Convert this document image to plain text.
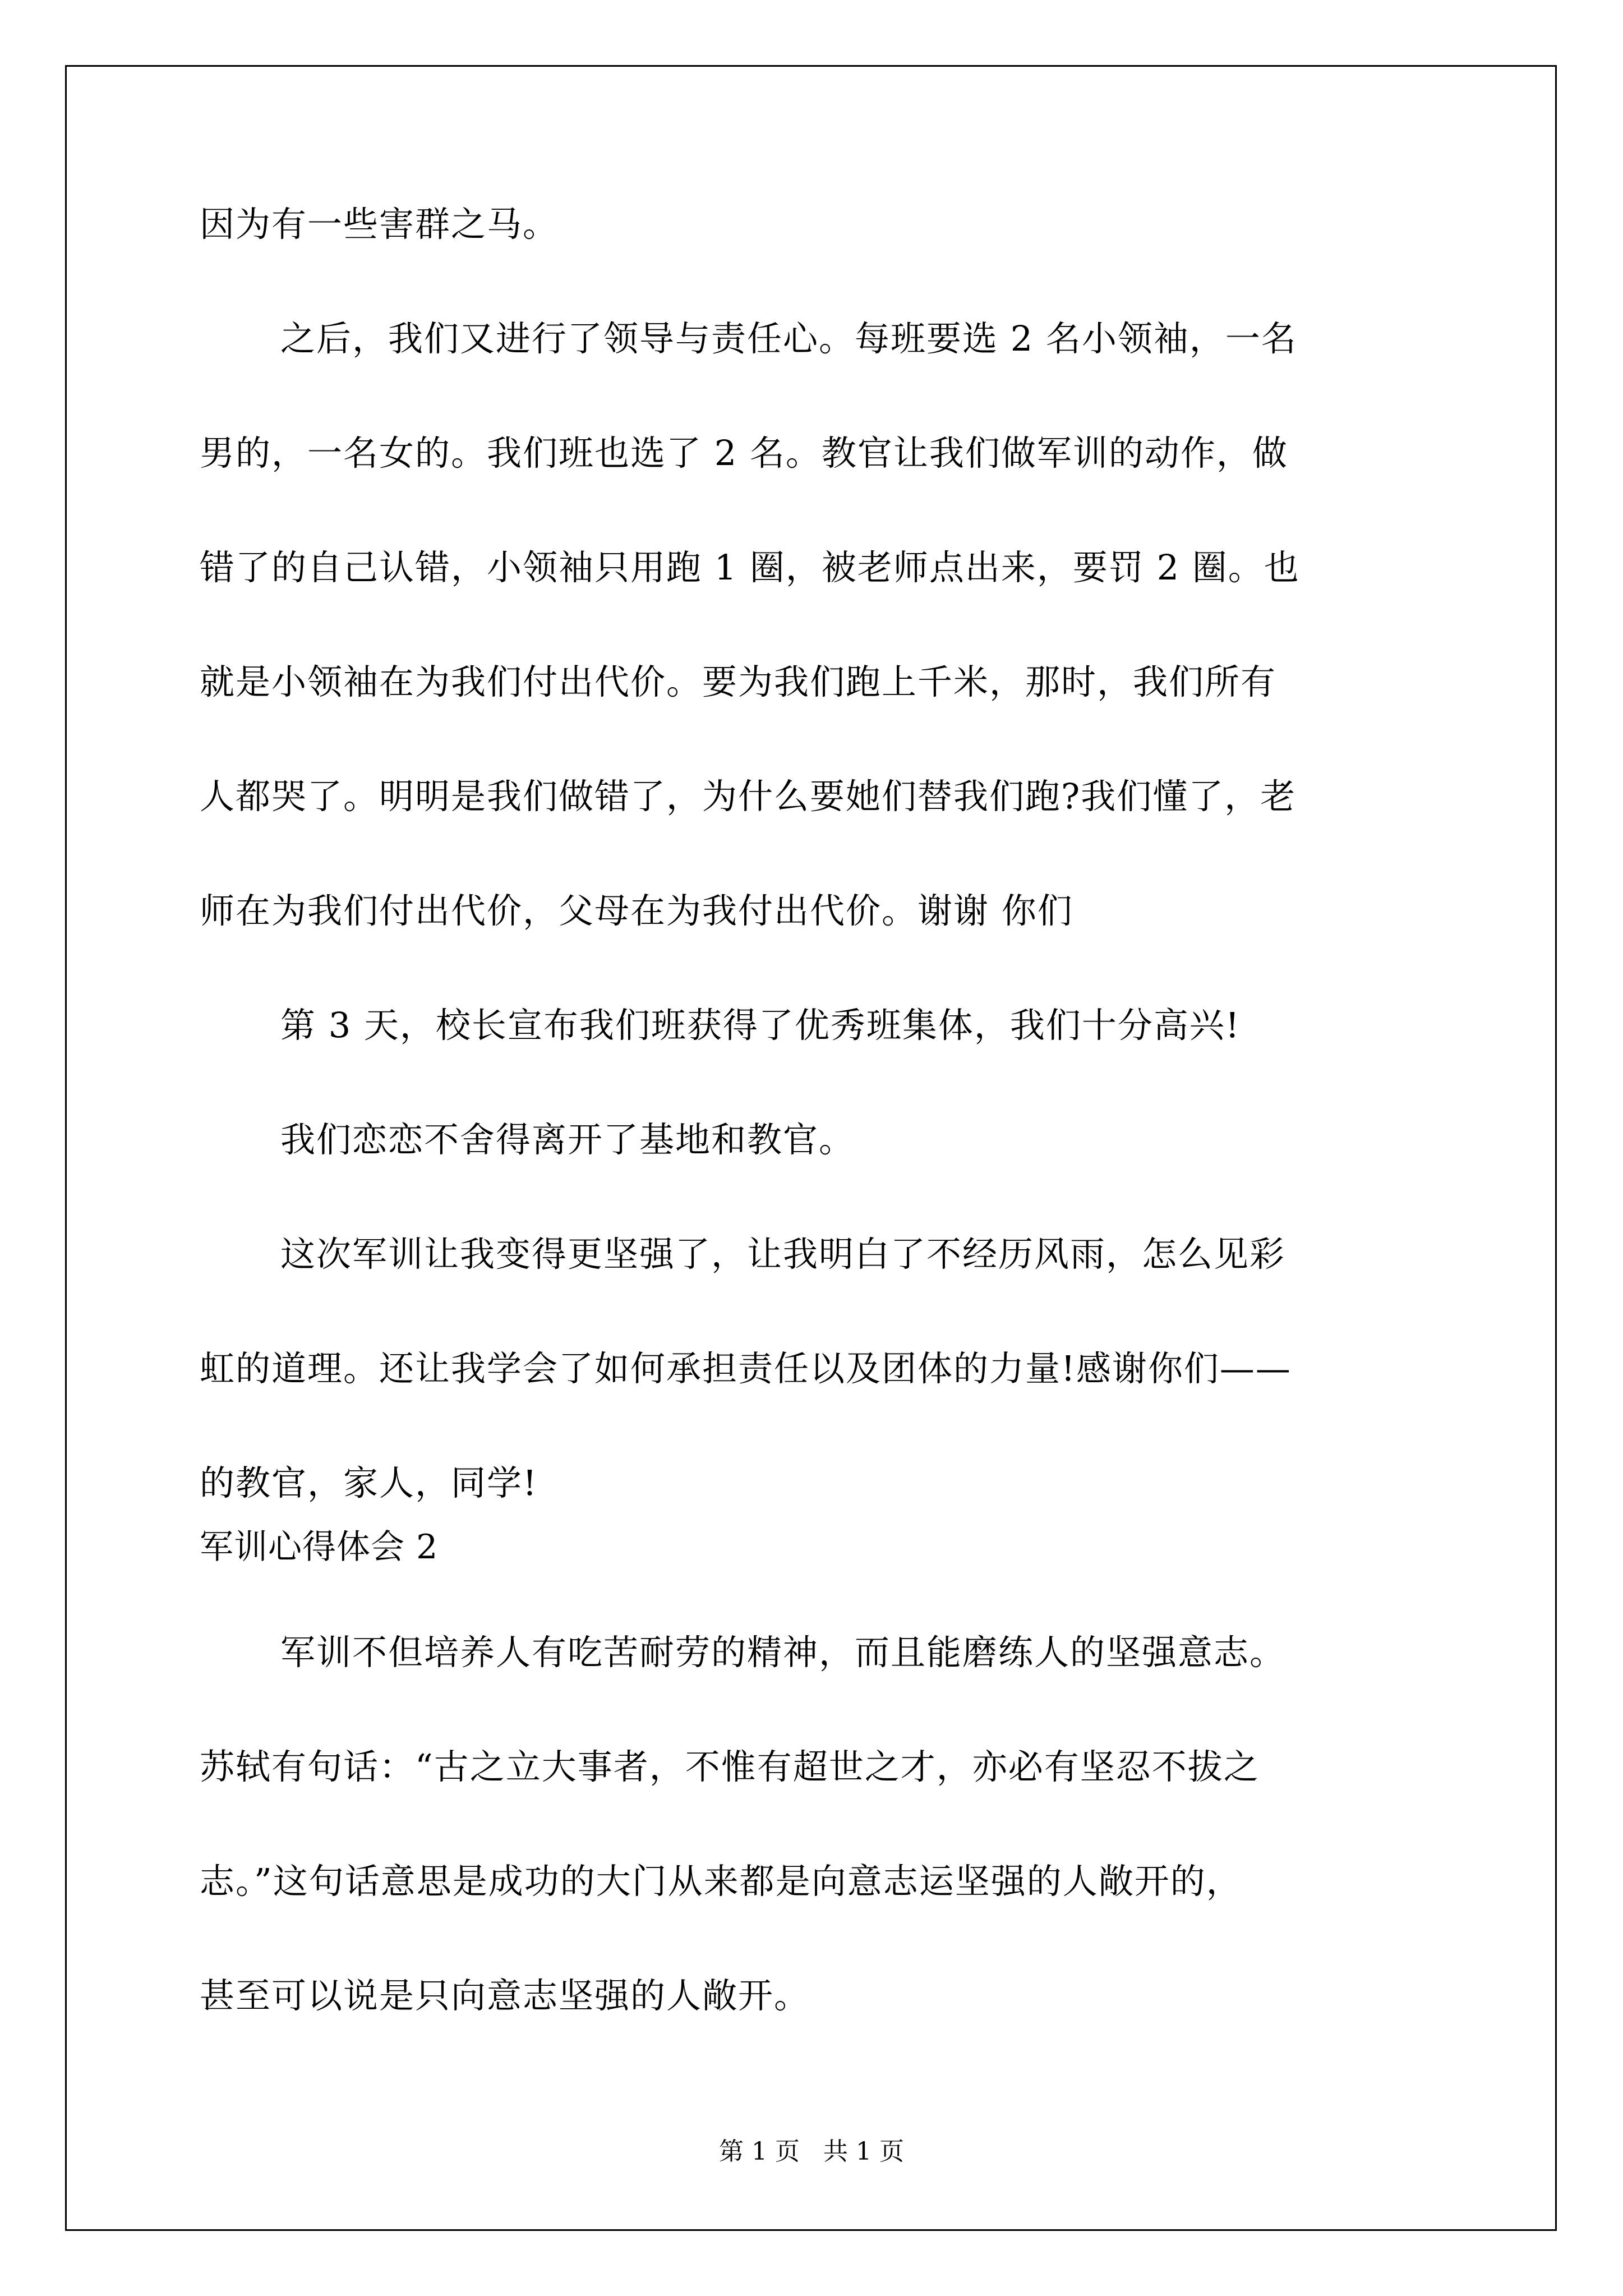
因为有一些害群之马。
之后，我们又进行了领导与责任心。每班要选 2 名小领袖，一名
男的，一名女的。我们班也选了 2 名。教官让我们做军训的动作，做
错了的自己认错，小领袖只用跑 1 圈，被老师点出来，要罚 2 圈。也
就是小领袖在为我们付出代价。要为我们跑上千米，那时，我们所有
人都哭了。明明是我们做错了，为什么要她们替我们跑?我们懂了，老
师在为我们付出代价，父母在为我付出代价。谢谢 你们
第 3 天，校长宣布我们班获得了优秀班集体，我们十分高兴!
我们恋恋不舍得离开了基地和教官。
这次军训让我变得更坚强了，让我明白了不经历风雨，怎么见彩
虹的道理。还让我学会了如何承担责任以及团体的力量!感谢你们——
的教官，家人，同学!
军训心得体会 2
军训不但培养人有吃苦耐劳的精神，而且能磨练人的坚强意志。
苏轼有句话：“古之立大事者，不惟有超世之才，亦必有坚忍不拔之
志。”这句话意思是成功的大门从来都是向意志运坚强的人敞开的，
甚至可以说是只向意志坚强的人敞开。
第 1 页   共 1 页
